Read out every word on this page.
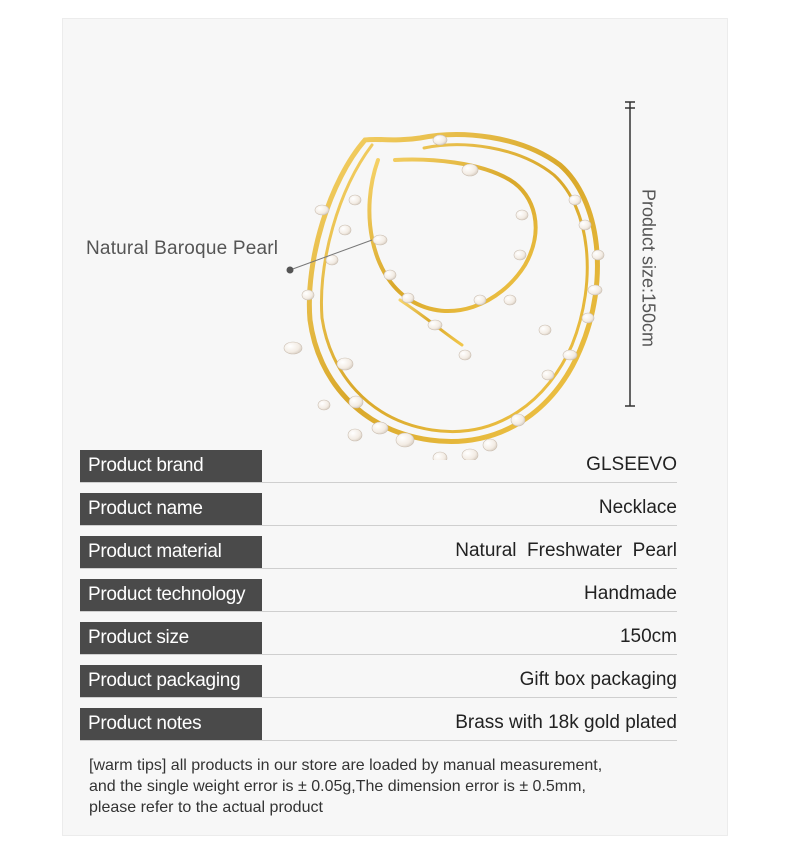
Natural Baroque Pearl	Product size:150cm
Product brand	GLSEEVO
Product name	Necklace
Product material	Natural  Freshwater  Pearl
Product technology	Handmade
Product size	150cm
Product packaging	Gift box packaging
Product notes	Brass with 18k gold plated
[warm tips] all products in our store are loaded by manual measurement,
and the single weight error is ± 0.05g,The dimension error is ± 0.5mm,
please refer to the actual product
